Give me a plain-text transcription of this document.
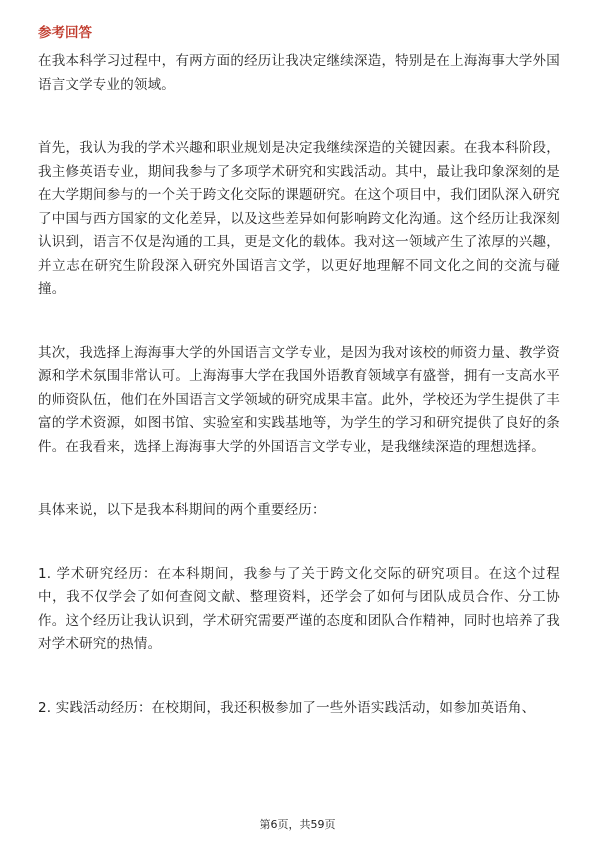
参考回答

在我本科学习过程中，有两方面的经历让我决定继续深造，特别是在上海海事大学外国语言文学专业的领域。

首先，我认为我的学术兴趣和职业规划是决定我继续深造的关键因素。在我本科阶段，我主修英语专业，期间我参与了多项学术研究和实践活动。其中，最让我印象深刻的是在大学期间参与的一个关于跨文化交际的课题研究。在这个项目中，我们团队深入研究了中国与西方国家的文化差异，以及这些差异如何影响跨文化沟通。这个经历让我深刻认识到，语言不仅是沟通的工具，更是文化的载体。我对这一领域产生了浓厚的兴趣，并立志在研究生阶段深入研究外国语言文学，以更好地理解不同文化之间的交流与碰撞。

其次，我选择上海海事大学的外国语言文学专业，是因为我对该校的师资力量、教学资源和学术氛围非常认可。上海海事大学在我国外语教育领域享有盛誉，拥有一支高水平的师资队伍，他们在外国语言文学领域的研究成果丰富。此外，学校还为学生提供了丰富的学术资源，如图书馆、实验室和实践基地等，为学生的学习和研究提供了良好的条件。在我看来，选择上海海事大学的外国语言文学专业，是我继续深造的理想选择。

具体来说，以下是我本科期间的两个重要经历：

1. 学术研究经历：在本科期间，我参与了关于跨文化交际的研究项目。在这个过程中，我不仅学会了如何查阅文献、整理资料，还学会了如何与团队成员合作、分工协作。这个经历让我认识到，学术研究需要严谨的态度和团队合作精神，同时也培养了我对学术研究的热情。

2. 实践活动经历：在校期间，我还积极参加了一些外语实践活动，如参加英语角、

第6页，共59页
